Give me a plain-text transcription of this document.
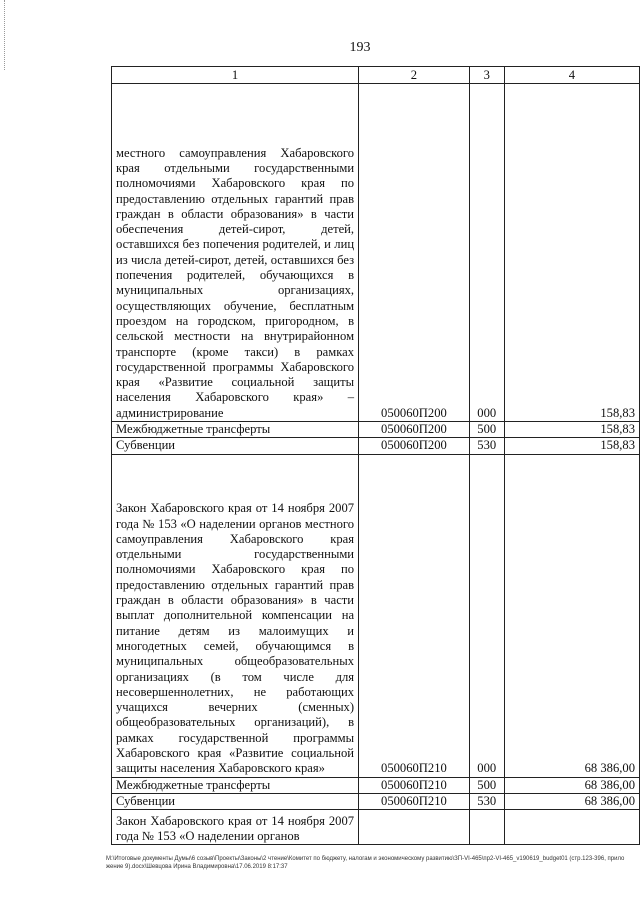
193
1	2	3	4
местного самоуправления Хабаровского края отдельными государственными полномочиями Хабаровского края по предоставлению отдельных гарантий прав граждан в области образования» в части обеспечения детей-сирот, детей, оставшихся без попечения родителей, и лиц из числа детей-сирот, детей, оставшихся без попечения родителей, обучающихся в муниципальных организациях, осуществляющих обучение, бесплатным проездом на городском, пригородном, в сельской местности на внутрирайонном транспорте (кроме такси) в рамках государственной программы Хабаровского края «Развитие социальной защиты населения Хабаровского края» – администрирование	050060П200	000	158,83
Межбюджетные трансферты	050060П200	500	158,83
Субвенции	050060П200	530	158,83
Закон Хабаровского края от 14 ноября 2007 года № 153 «О наделении органов местного самоуправления Хабаровского края отдельными государственными полномочиями Хабаровского края по предоставлению отдельных гарантий прав граждан в области образования» в части выплат дополнительной компенсации на питание детям из малоимущих и многодетных семей, обучающимся в муниципальных общеобразовательных организациях (в том числе для несовершеннолетних, не работающих учащихся вечерних (сменных) общеобразовательных организаций), в рамках государственной программы Хабаровского края «Развитие социальной защиты населения Хабаровского края»	050060П210	000	68 386,00
Межбюджетные трансферты	050060П210	500	68 386,00
Субвенции	050060П210	530	68 386,00
Закон Хабаровского края от 14 ноября 2007 года № 153 «О наделении органов			
M:\Итоговые документы Думы\6 созыв\Проекты\Законы\2 чтение\Комитет по бюджету, налогам и экономическому развитию\ЗП-VI-465\пр2-VI-465_v190619_budget01 (стр.123-396, приложение 9).docx\Шевцова Ирина Владимировна\17.06.2019 8:17:37
